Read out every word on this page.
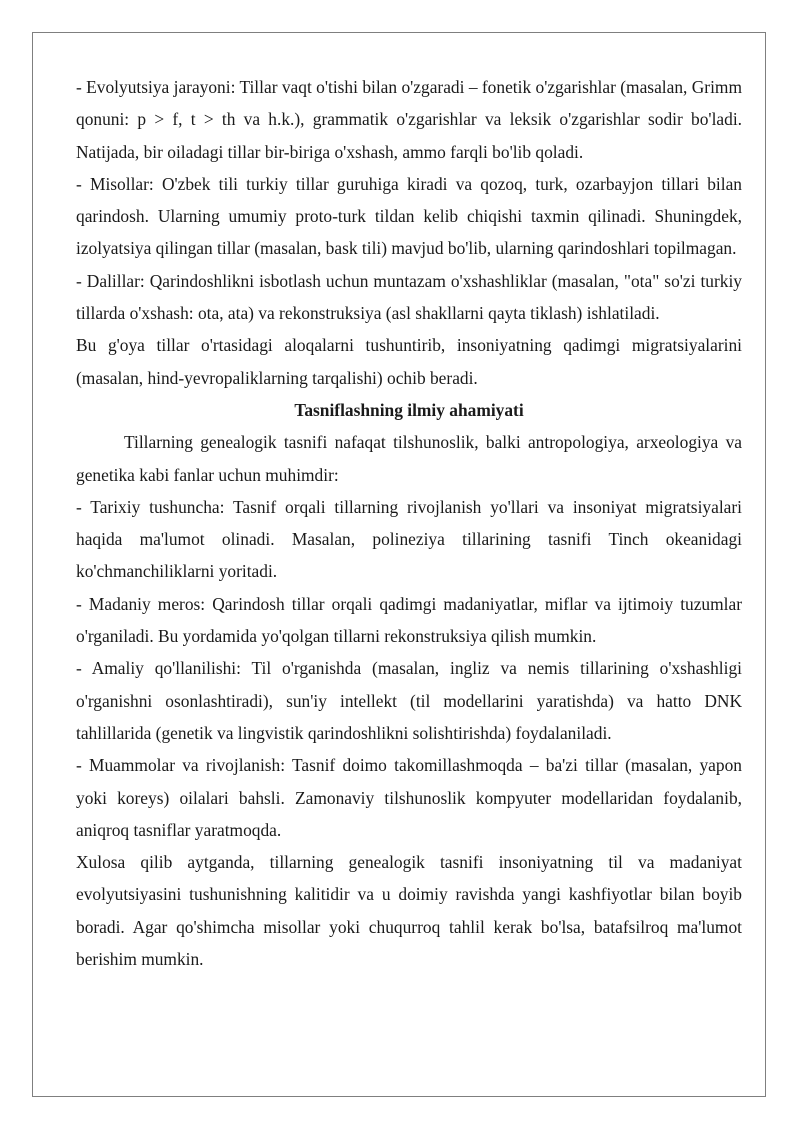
- Evolyutsiya jarayoni: Tillar vaqt o'tishi bilan o'zgaradi – fonetik o'zgarishlar (masalan, Grimm qonuni: p > f, t > th va h.k.), grammatik o'zgarishlar va leksik o'zgarishlar sodir bo'ladi. Natijada, bir oiladagi tillar bir-biriga o'xshash, ammo farqli bo'lib qoladi.

- Misollar: O'zbek tili turkiy tillar guruhiga kiradi va qozoq, turk, ozarbayjon tillari bilan qarindosh. Ularning umumiy proto-turk tildan kelib chiqishi taxmin qilinadi. Shuningdek, izolyatsiya qilingan tillar (masalan, bask tili) mavjud bo'lib, ularning qarindoshlari topilmagan.

- Dalillar: Qarindoshlikni isbotlash uchun muntazam o'xshashliklar (masalan, "ota" so'zi turkiy tillarda o'xshash: ota, ata) va rekonstruksiya (asl shakllarni qayta tiklash) ishlatiladi.

Bu g'oya tillar o'rtasidagi aloqalarni tushuntirib, insoniyatning qadimgi migratsiyalarini (masalan, hind-yevropaliklarning tarqalishi) ochib beradi.

Tasniflashning ilmiy ahamiyati

Tillarning genealogik tasnifi nafaqat tilshunoslik, balki antropologiya, arxeologiya va genetika kabi fanlar uchun muhimdir:

- Tarixiy tushuncha: Tasnif orqali tillarning rivojlanish yo'llari va insoniyat migratsiyalari haqida ma'lumot olinadi. Masalan, polineziya tillarining tasnifi Tinch okeanidagi ko'chmanchiliklarni yoritadi.

- Madaniy meros: Qarindosh tillar orqali qadimgi madaniyatlar, miflar va ijtimoiy tuzumlar o'rganiladi. Bu yordamida yo'qolgan tillarni rekonstruksiya qilish mumkin.

- Amaliy qo'llanilishi: Til o'rganishda (masalan, ingliz va nemis tillarining o'xshashligi o'rganishni osonlashtiradi), sun'iy intellekt (til modellarini yaratishda) va hatto DNK tahlillarida (genetik va lingvistik qarindoshlikni solishtirishda) foydalaniladi.

- Muammolar va rivojlanish: Tasnif doimo takomillashmoqda – ba'zi tillar (masalan, yapon yoki koreys) oilalari bahsli. Zamonaviy tilshunoslik kompyuter modellaridan foydalanib, aniqroq tasniflar yaratmoqda.

Xulosa qilib aytganda, tillarning genealogik tasnifi insoniyatning til va madaniyat evolyutsiyasini tushunishning kalitidir va u doimiy ravishda yangi kashfiyotlar bilan boyib boradi. Agar qo'shimcha misollar yoki chuqurroq tahlil kerak bo'lsa, batafsilroq ma'lumot berishim mumkin.
